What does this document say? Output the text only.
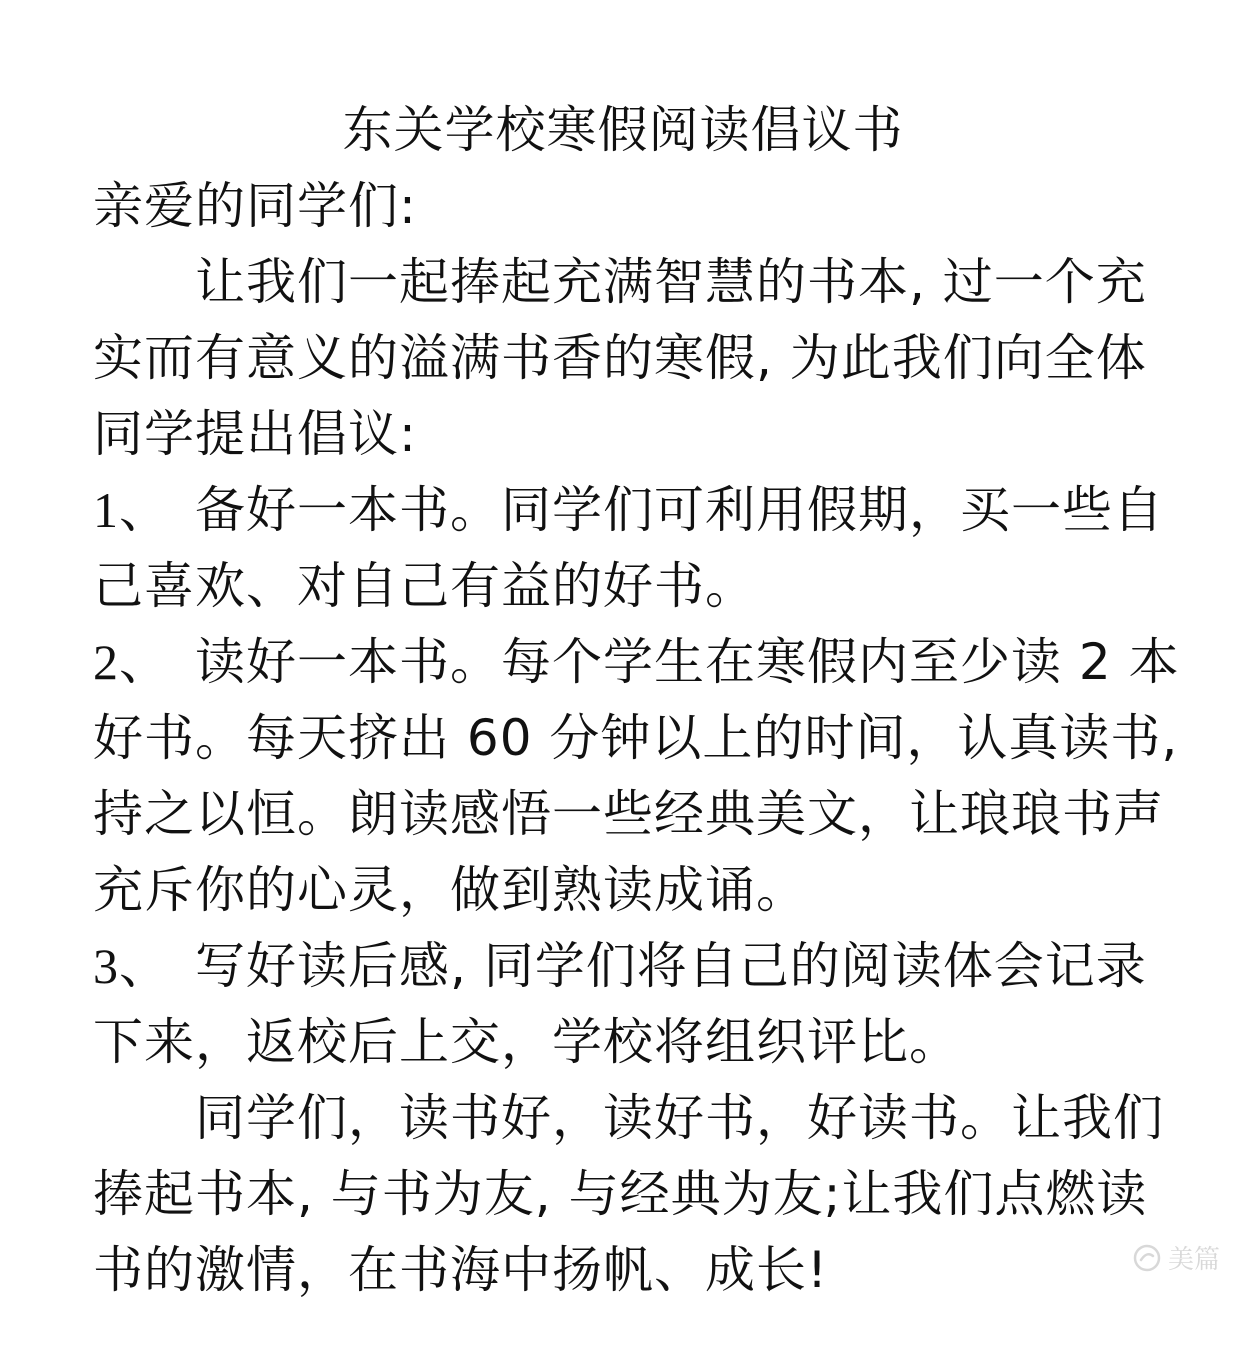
东关学校寒假阅读倡议书
亲爱的同学们:
让我们一起捧起充满智慧的书本, 过一个充
实而有意义的溢满书香的寒假, 为此我们向全体
同学提出倡议:
1、 备好一本书。同学们可利用假期，买一些自
己喜欢、对自己有益的好书。
2、 读好一本书。每个学生在寒假内至少读 2 本
好书。每天挤出 60 分钟以上的时间，认真读书,
持之以恒。朗读感悟一些经典美文，让琅琅书声
充斥你的心灵，做到熟读成诵。
3、 写好读后感, 同学们将自己的阅读体会记录
下来，返校后上交，学校将组织评比。
同学们，读书好，读好书，好读书。让我们
捧起书本, 与书为友, 与经典为友;让我们点燃读
书的激情，在书海中扬帆、成长!	美篇
